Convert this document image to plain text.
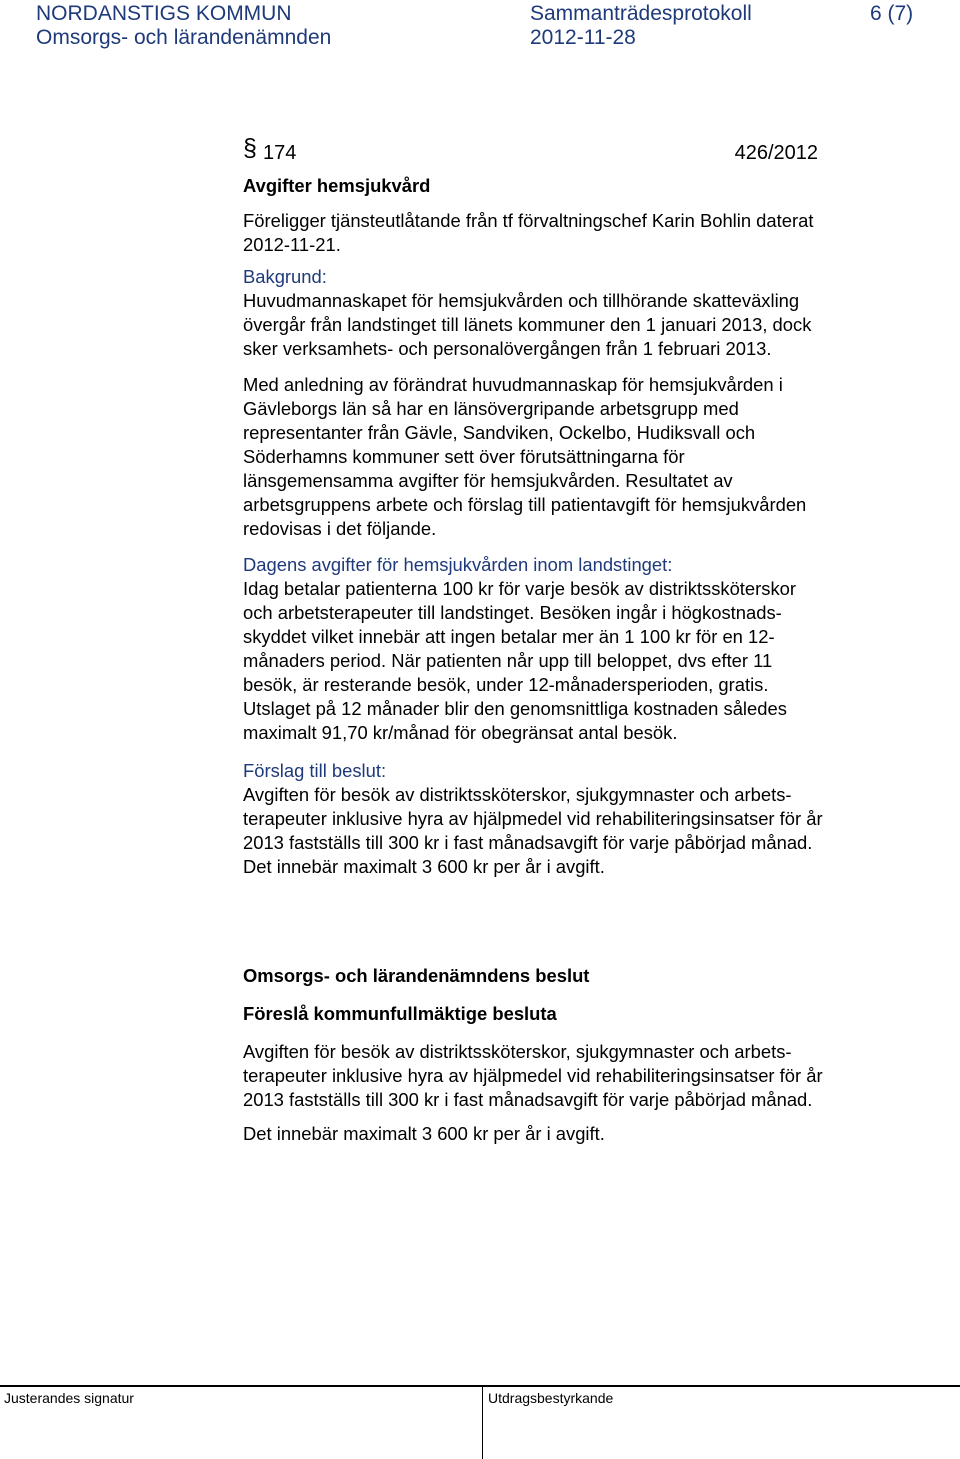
NORDANSTIGS KOMMUN
Omsorgs- och lärandenämnden
Sammanträdesprotokoll
2012-11-28
6 (7)
§ 174	426/2012

Avgifter hemsjukvård

Föreligger tjänsteutlåtande från tf förvaltningschef Karin Bohlin daterat
2012-11-21.

Bakgrund:
Huvudmannaskapet för hemsjukvården och tillhörande skatteväxling
övergår från landstinget till länets kommuner den 1 januari 2013, dock
sker verksamhets- och personalövergången från 1 februari 2013.

Med anledning av förändrat huvudmannaskap för hemsjukvården i
Gävleborgs län så har en länsövergripande arbetsgrupp med
representanter från Gävle, Sandviken, Ockelbo, Hudiksvall och
Söderhamns kommuner sett över förutsättningarna för
länsgemensamma avgifter för hemsjukvården. Resultatet av
arbetsgruppens arbete och förslag till patientavgift för hemsjukvården
redovisas i det följande.

Dagens avgifter för hemsjukvården inom landstinget:
Idag betalar patienterna 100 kr för varje besök av distriktssköterskor
och arbetsterapeuter till landstinget. Besöken ingår i högkostnads-
skyddet vilket innebär att ingen betalar mer än 1 100 kr för en 12-
månaders period. När patienten når upp till beloppet, dvs efter 11
besök, är resterande besök, under 12-månadersperioden, gratis.
Utslaget på 12 månader blir den genomsnittliga kostnaden således
maximalt 91,70 kr/månad för obegränsat antal besök.

Förslag till beslut:
Avgiften för besök av distriktssköterskor, sjukgymnaster och arbets-
terapeuter inklusive hyra av hjälpmedel vid rehabiliteringsinsatser för år
2013 fastställs till 300 kr i fast månadsavgift för varje påbörjad månad.
Det innebär maximalt 3 600 kr per år i avgift.

Omsorgs- och lärandenämndens beslut

Föreslå kommunfullmäktige besluta

Avgiften för besök av distriktssköterskor, sjukgymnaster och arbets-
terapeuter inklusive hyra av hjälpmedel vid rehabiliteringsinsatser för år
2013 fastställs till 300 kr i fast månadsavgift för varje påbörjad månad.

Det innebär maximalt 3 600 kr per år i avgift.

Justerandes signatur	Utdragsbestyrkande
